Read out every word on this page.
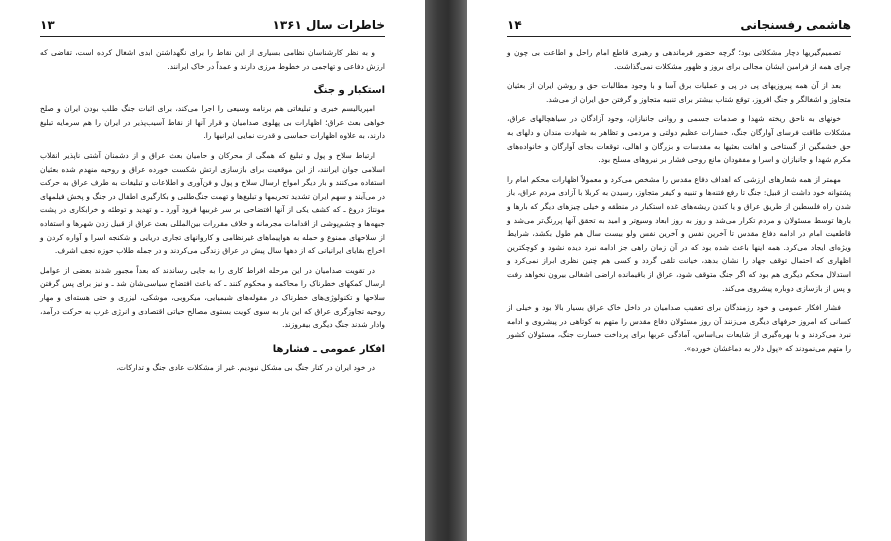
خاطرات سال ۱۳۶۱
۱۳

و به نظر کارشناسان نظامی بسیاری از این نقاط را برای نگهداشتن ابدی اشغال کرده است، تقاضی که ارزش دفاعی و تهاجمی در خطوط مرزی دارند و عمداً در خاک ایرانند.

استکبار و جنگ

امپریالیسم خبری و تبلیغاتی هم برنامه وسیعی را اجرا می‌کند، برای اثبات جنگ طلب بودن ایران و صلح خواهی بعث عراق؛ اظهارات بی پهلوی صدامیان و قرار آنها از نقاط آسیب‌پذیر در ایران را هم سرمایه تبلیغ دارند، به علاوه اظهارات حماسی و قدرت نمایی ایرانیها را.

ارتباط سلاح و پول و تبلیغ که همگی از محرکان و حامیان بعث عراق و از دشمنان آشتی ناپذیر انقلاب اسلامی جوان ایرانند، از این موقعیت برای بازسازی ارتش شکست خورده عراق و روحیه منهدم شده بعثیان استفاده می‌کنند و بار دیگر امواج ارسال سلاح و پول و فن‌آوری و اطلاعات و تبلیغات به طرف عراق به حرکت در می‌آیند و سهم ایران تشدید تحریمها و تبلیغ‌ها و تهمت جنگ‌طلبی و بکارگیری اطفال در جنگ و پخش فیلمهای مونتاژ دروغ ـ که کشف یکی از آنها افتضاحی بر سر غربیها فرود آورد ـ و تهدید و توطئه و خرابکاری در پشت جبهه‌ها و چشم‌پوشی از اقدامات مجرمانه و خلاف مقررات بین‌المللی بعث عراق از قبیل زدن شهرها و استفاده از سلاحهای ممنوع و حمله به هواپیماهای غیرنظامی و کاروانهای تجاری دریایی و شکنجه اسرا و آواره کردن و اخراج بقایای ایرانیانی که از دهها سال پیش در عراق زندگی می‌کردند و در جمله طلاب حوزه نجف اشرف.

در تقویت صدامیان در این مرحله افراط کاری را به جایی رساندند که بعداً مجبور شدند بعضی از عوامل ارسال کمکهای خطرناک را محاکمه و محکوم کنند ـ که باعث افتضاح سیاسی‌شان شد ـ و نیز برای پس گرفتن سلاحها و تکنولوژی‌های خطرناک در مقوله‌های شیمیایی، میکروبی، موشکی، لیزری و حتی هسته‌ای و مهار روحیه تجاوزگری عراق که این بار به سوی کویت بستوی مصالح حیاتی اقتصادی و انرژی غرب به حرکت درآمد، وادار شدند جنگ دیگری بیفروزند.

افکار عمومی ـ فشارها

در خود ایران در کنار جنگ بی مشکل نبودیم. غیر از مشکلات عادی جنگ و تدارکات،

هاشمی رفسنجانی
۱۴

تصمیم‌گیریها دچار مشکلاتی بود؛ گرچه حضور فرماندهی و رهبری قاطع امام راحل و اطاعت بی چون و چرای همه از فرامین ایشان مجالی برای بروز و ظهور مشکلات نمی‌گذاشت.

بعد از آن همه پیروزیهای پی در پی و عملیات برق آسا و با وجود مطالبات حق و روشن ایران از بعثیان متجاوز و اشغالگر و جنگ افروز، توقع شتاب بیشتر برای تنبیه متجاوز و گرفتن حق ایران از می‌شد.

خونهای به ناحق ریخته شهدا و صدمات جسمی و روانی جانبازان، وجود آزادگان در سیاهچالهای عراق، مشکلات طاقت فرسای آوارگان جنگ، خسارات عظیم دولتی و مردمی و تظاهر به شهادت مندان و دلهای به حق خشمگین از گستاخی و اهانت بعثیها به مقدسات و بزرگان و اهالی، توقعات بجای آوارگان و خانواده‌های مکرم شهدا و جانبازان و اسرا و مفقودان مانع روحی فشار بر نیروهای مسلح بود.

مهمتر از همه شعارهای ارزشی که اهداف دفاع مقدس را مشخص می‌کرد و معمولاً اظهارات محکم امام را پشتوانه خود داشت از قبیل: جنگ تا رفع فتنه‌ها و تنبیه و کیفر متجاوز، رسیدن به کربلا با آزادی مردم عراق، باز شدن راه فلسطین از طریق عراق و یا کندن ریشه‌های غده استکبار در منطقه و خیلی چیزهای دیگر که بارها و بارها توسط مسئولان و مردم تکرار می‌شد و روز به روز ابعاد وسیع‌تر و امید به تحقق آنها پررنگ‌تر می‌شد و قاطعیت امام در ادامه دفاع مقدس تا آخرین نفس و آخرین نفس ولو بیست سال هم طول بکشد، شرایط ویژه‌ای ایجاد می‌کرد. همه اینها باعث شده بود که در آن زمان راهی جز ادامه نبرد دیده نشود و کوچکترین اظهاری که احتمال توقف جهاد را نشان بدهد، خیانت تلقی گردد و کسی هم چنین نظری ابراز نمی‌کرد و استدلال محکم دیگری هم بود که اگر جنگ متوقف شود، عراق از باقیمانده اراضی اشغالی بیرون نخواهد رفت و پس از بازسازی دوباره پیشروی می‌کند.

فشار افکار عمومی و خود رزمندگان برای تعقیب صدامیان در داخل خاک عراق بسیار بالا بود و خیلی از کسانی که امروز حرفهای دیگری می‌زنند آن روز مسئولان دفاع مقدس را متهم به کوتاهی در پیشروی و ادامه نبرد می‌کردند و با بهره‌گیری از شایعات بی‌اساس، آمادگی عربها برای پرداخت خسارت جنگ، مسئولان کشور را متهم می‌نمودند که «پول دلار به دماغشان خورده».
